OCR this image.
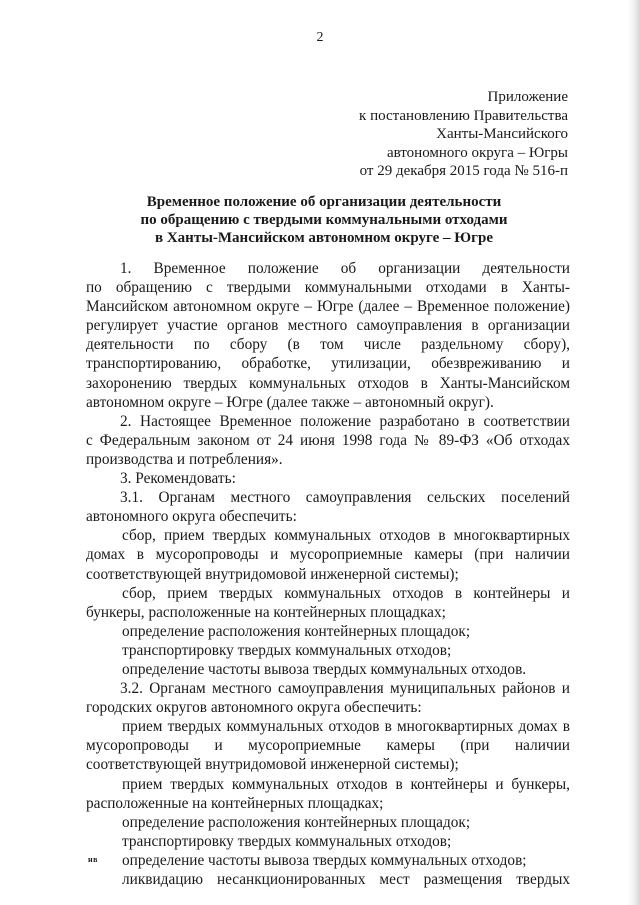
2
Приложение
к постановлению Правительства
Ханты-Мансийского
автономного округа – Югры
от 29 декабря 2015 года № 516-п
Временное положение об организации деятельности
по обращению с твердыми коммунальными отходами
в Ханты-Мансийском автономном округе – Югре
1. Временное положение об организации деятельности
по обращению с твердыми коммунальными отходами в Ханты-
Мансийском автономном округе – Югре (далее – Временное положение)
регулирует участие органов местного самоуправления в организации
деятельности по сбору (в том числе раздельному сбору),
транспортированию, обработке, утилизации, обезвреживанию и
захоронению твердых коммунальных отходов в Ханты-Мансийском
автономном округе – Югре (далее также – автономный округ).
2. Настоящее Временное положение разработано в соответствии
с Федеральным законом от 24 июня 1998 года № 89-ФЗ «Об отходах
производства и потребления».
3. Рекомендовать:
3.1. Органам местного самоуправления сельских поселений
автономного округа обеспечить:
сбор, прием твердых коммунальных отходов в многоквартирных
домах в мусоропроводы и мусороприемные камеры (при наличии
соответствующей внутридомовой инженерной системы);
сбор, прием твердых коммунальных отходов в контейнеры и
бункеры, расположенные на контейнерных площадках;
определение расположения контейнерных площадок;
транспортировку твердых коммунальных отходов;
определение частоты вывоза твердых коммунальных отходов.
3.2. Органам местного самоуправления муниципальных районов и
городских округов автономного округа обеспечить:
прием твердых коммунальных отходов в многоквартирных домах в
мусоропроводы и мусороприемные камеры (при наличии
соответствующей внутридомовой инженерной системы);
прием твердых коммунальных отходов в контейнеры и бункеры,
расположенные на контейнерных площадках;
определение расположения контейнерных площадок;
транспортировку твердых коммунальных отходов;
определение частоты вывоза твердых коммунальных отходов;
ликвидацию несанкционированных мест размещения твердых
нв
